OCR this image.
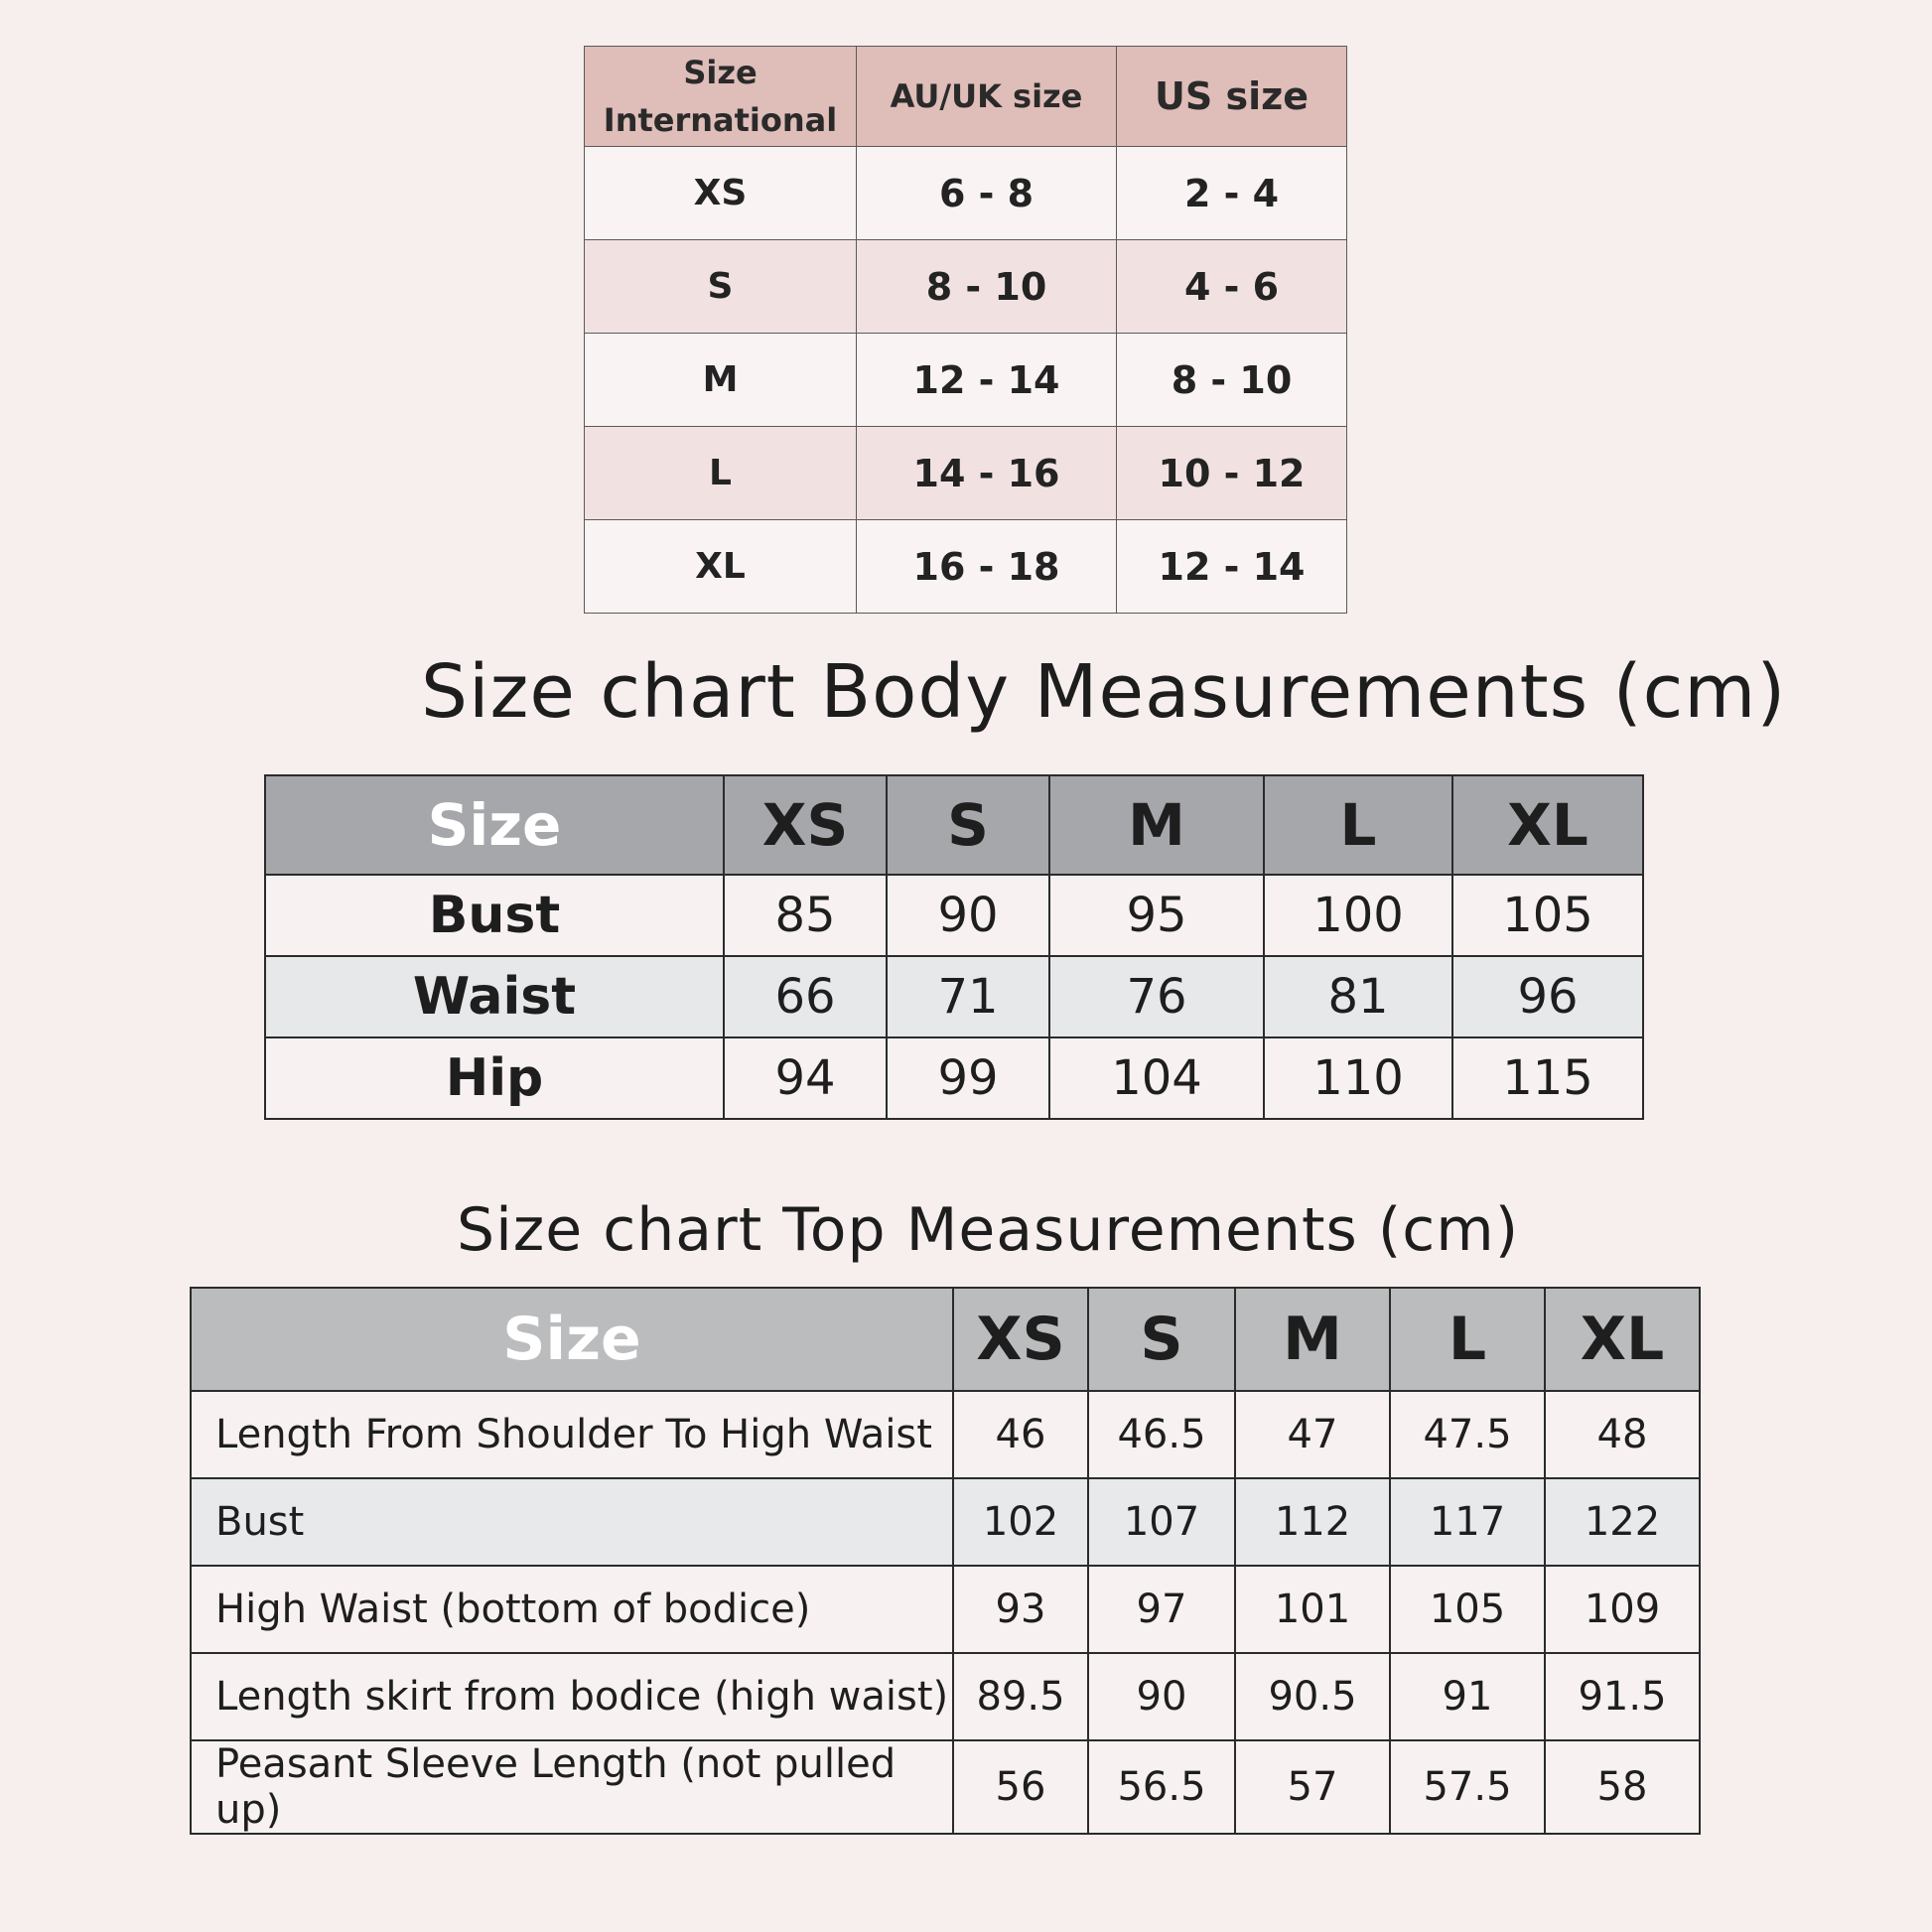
Size International	AU/UK size	US size
XS	6 - 8	2 - 4
S	8 - 10	4 - 6
M	12 - 14	8 - 10
L	14 - 16	10 - 12
XL	16 - 18	12 - 14
Size chart Body Measurements (cm)
Size	XS	S	M	L	XL
Bust	85	90	95	100	105
Waist	66	71	76	81	96
Hip	94	99	104	110	115
Size chart Top Measurements (cm)
Size	XS	S	M	L	XL
Length From Shoulder To High Waist	46	46.5	47	47.5	48
Bust	102	107	112	117	122
High Waist (bottom of bodice)	93	97	101	105	109
Length skirt from bodice (high waist)	89.5	90	90.5	91	91.5
Peasant Sleeve Length (not pulled up)	56	56.5	57	57.5	58
